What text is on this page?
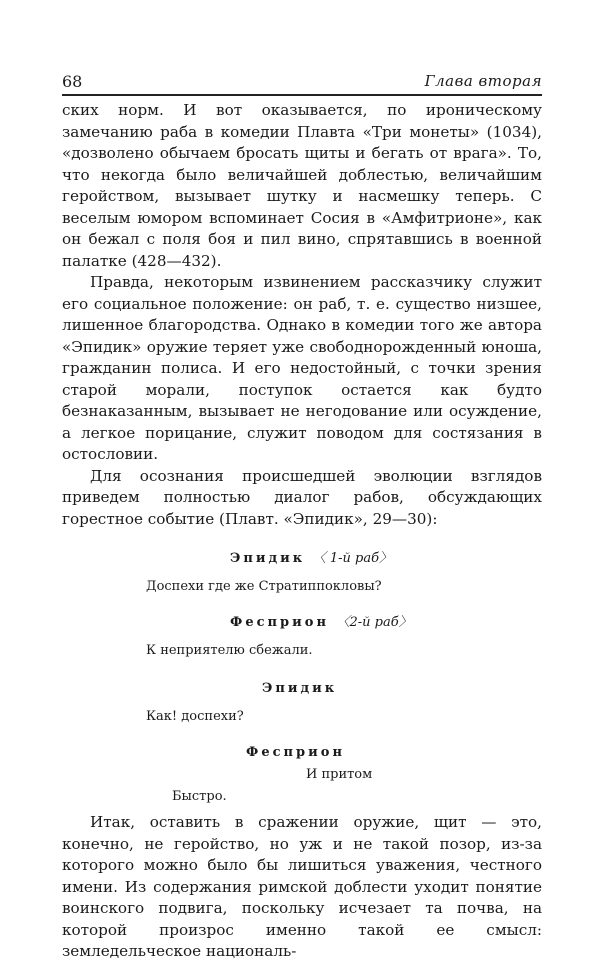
68	Глава вторая

ских норм. И вот оказывается, по ироническому замечанию раба в комедии Плавта «Три монеты» (1034), «дозволено обычаем бросать щиты и бегать от врага». То, что некогда было величайшей доблестью, величайшим геройством, вызывает шутку и насмешку теперь. С веселым юмором вспоминает Сосия в «Амфитрионе», как он бежал с поля боя и пил вино, спрятавшись в военной палатке (428—432).

Правда, некоторым извинением рассказчику служит его социальное положение: он раб, т. е. существо низшее, лишенное благородства. Однако в комедии того же автора «Эпидик» оружие теряет уже свободнорожденный юноша, гражданин полиса. И его недостойный, с точки зрения старой морали, поступок остается как будто безнаказанным, вызывает не негодование или осуждение, а легкое порицание, служит поводом для состязания в остословии.

Для осознания происшедшей эволюции взглядов приведем полностью диалог рабов, обсуждающих горестное событие (Плавт. «Эпидик», 29—30):

Эпидик 〈 1-й раб〉
Доспехи где же Стратиппокловы?
Фесприон 〈2-й раб〉
К неприятелю сбежали.
Эпидик
Как! доспехи?
Фесприон
И притом
Быстро.

Итак, оставить в сражении оружие, щит — это, конечно, не геройство, но уж и не такой позор, из-за которого можно было бы лишиться уважения, честного имени. Из содержания римской доблести уходит понятие воинского подвига, поскольку исчезает та почва, на которой произрос именно такой ее смысл: земледельческое националь-
